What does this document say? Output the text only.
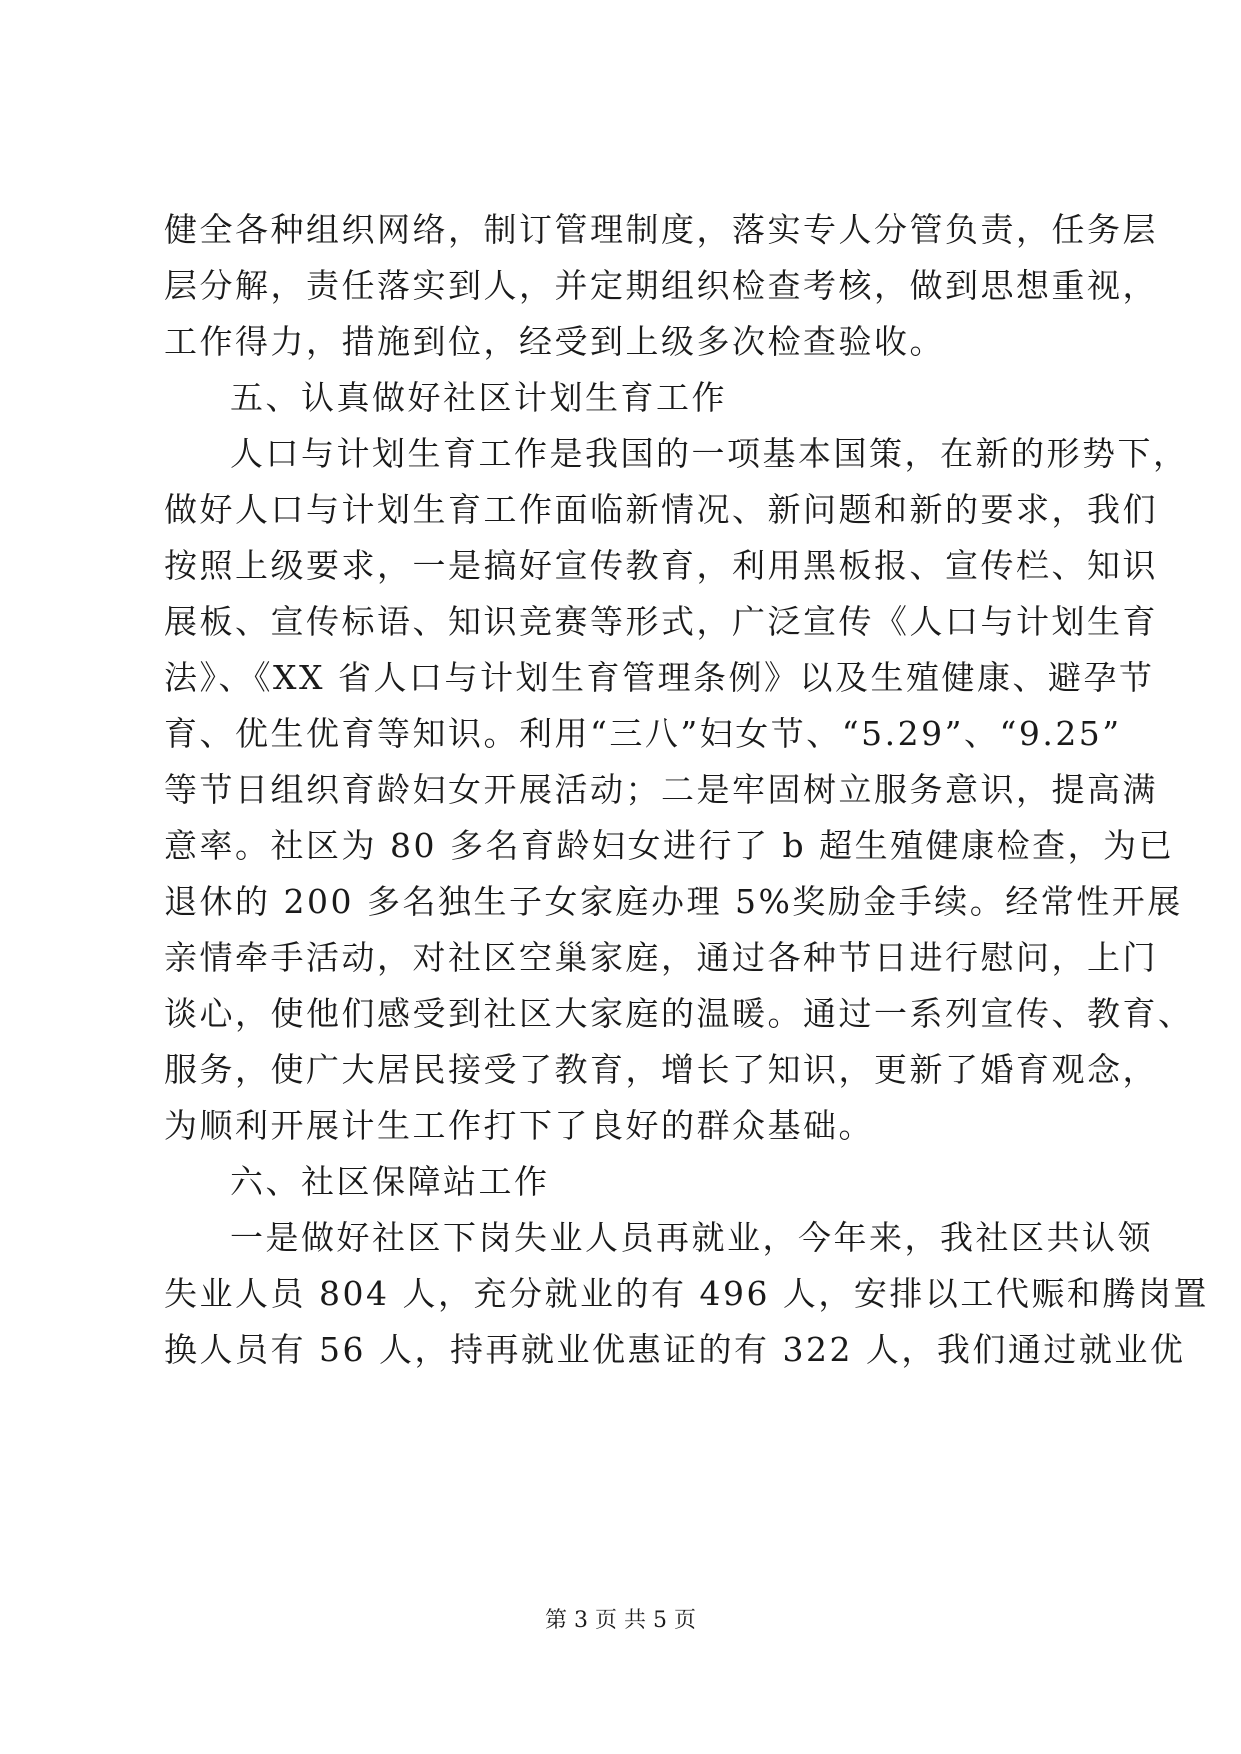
健全各种组织网络，制订管理制度，落实专人分管负责，任务层
层分解，责任落实到人，并定期组织检查考核，做到思想重视，
工作得力，措施到位，经受到上级多次检查验收。
五、认真做好社区计划生育工作
人口与计划生育工作是我国的一项基本国策，在新的形势下，
做好人口与计划生育工作面临新情况、新问题和新的要求，我们
按照上级要求，一是搞好宣传教育，利用黑板报、宣传栏、知识
展板、宣传标语、知识竞赛等形式，广泛宣传《人口与计划生育
法》、《XX 省人口与计划生育管理条例》以及生殖健康、避孕节
育、优生优育等知识。利用“三八”妇女节、“5.29”、“9.25”
等节日组织育龄妇女开展活动；二是牢固树立服务意识，提高满
意率。社区为 80 多名育龄妇女进行了 b 超生殖健康检查，为已
退休的 200 多名独生子女家庭办理 5%奖励金手续。经常性开展
亲情牵手活动，对社区空巢家庭，通过各种节日进行慰问，上门
谈心，使他们感受到社区大家庭的温暖。通过一系列宣传、教育、
服务，使广大居民接受了教育，增长了知识，更新了婚育观念，
为顺利开展计生工作打下了良好的群众基础。
六、社区保障站工作
一是做好社区下岗失业人员再就业，今年来，我社区共认领
失业人员 804 人，充分就业的有 496 人，安排以工代赈和腾岗置
换人员有 56 人，持再就业优惠证的有 322 人，我们通过就业优
第 3 页 共 5 页
